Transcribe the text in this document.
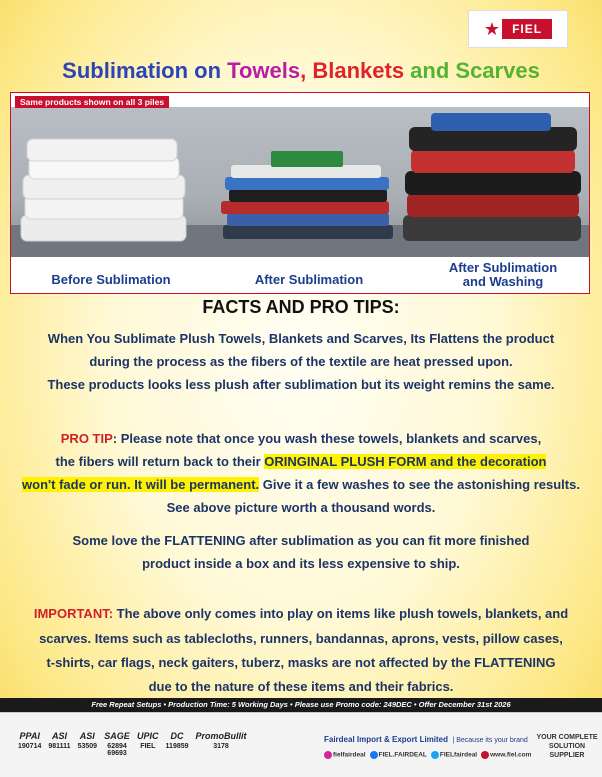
★	FIEL
Sublimation on Towels, Blankets and Scarves
Same products shown on all 3 piles
Before Sublimation	After Sublimation
After Sublimation
and Washing
FACTS AND PRO TIPS:
When You Sublimate Plush Towels, Blankets and Scarves, Its Flattens the product
during the process as the fibers of the textile are heat pressed upon.
These products looks less plush after sublimation but its weight remins the same.
PRO TIP: Please note that once you wash these towels, blankets and scarves,
the fibers will return back to their ORINGINAL PLUSH FORM and the decoration
won't fade or run. It will be permanent. Give it a few washes to see the astonishing results.
See above picture worth a thousand words.
Some love the FLATTENING after sublimation as you can fit more finished
product inside a box and its less expensive to ship.
IMPORTANT: The above only comes into play on items like plush towels, blankets, and
scarves. Items such as tablecloths, runners, bandannas, aprons, vests, pillow cases,
t-shirts, car flags, neck gaiters, tuberz, masks are not affected by the FLATTENING
due to the nature of these items and their fabrics.
Free Repeat Setups • Production Time: 5 Working Days • Please use Promo code: 249DEC • Offer December 31st 2026
PPAI
190714
ASI
981111
ASI
53509
SAGE
62894 69693
UPIC
FIEL
DC
119859
PromoBullit
3178
Fairdeal Import & Export Limited | Because its your brand
fielfairdeal	FIEL.FAIRDEAL	FIELfairdeal	www.fiel.com
YOUR COMPLETE SOLUTION SUPPLIER
